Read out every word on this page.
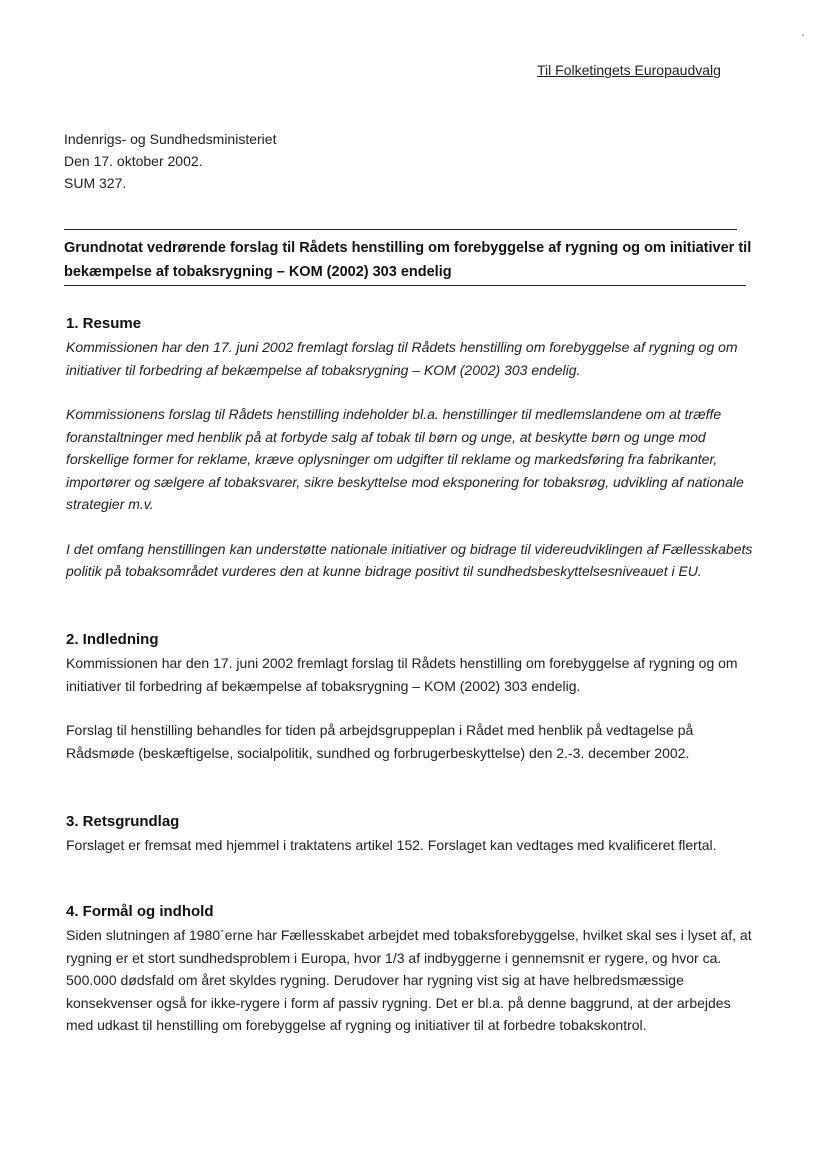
'
Til Folketingets Europaudvalg
Indenrigs- og Sundhedsministeriet
Den 17. oktober 2002.
SUM 327.
Grundnotat vedrørende forslag til Rådets henstilling om forebyggelse af rygning og om initiativer til bekæmpelse af tobaksrygning – KOM (2002) 303 endelig
1. Resume

Kommissionen har den 17. juni 2002 fremlagt forslag til Rådets henstilling om forebyggelse af rygning og om initiativer til forbedring af bekæmpelse af tobaksrygning – KOM (2002) 303 endelig.

Kommissionens forslag til Rådets henstilling indeholder bl.a. henstillinger til medlemslandene om at træffe foranstaltninger med henblik på at forbyde salg af tobak til børn og unge, at beskytte børn og unge mod forskellige former for reklame, kræve oplysninger om udgifter til reklame og markedsføring fra fabrikanter, importører og sælgere af tobaksvarer, sikre beskyttelse mod eksponering for tobaksrøg, udvikling af nationale strategier m.v.

I det omfang henstillingen kan understøtte nationale initiativer og bidrage til videreudviklingen af Fællesskabets politik på tobaksområdet vurderes den at kunne bidrage positivt til sundhedsbeskyttelsesniveauet i EU.

2. Indledning

Kommissionen har den 17. juni 2002 fremlagt forslag til Rådets henstilling om forebyggelse af rygning og om initiativer til forbedring af bekæmpelse af tobaksrygning – KOM (2002) 303 endelig.

Forslag til henstilling behandles for tiden på arbejdsgruppeplan i Rådet med henblik på vedtagelse på Rådsmøde (beskæftigelse, socialpolitik, sundhed og forbrugerbeskyttelse) den 2.-3. december 2002.

3. Retsgrundlag

Forslaget er fremsat med hjemmel i traktatens artikel 152. Forslaget kan vedtages med kvalificeret flertal.

4. Formål og indhold

Siden slutningen af 1980´erne har Fællesskabet arbejdet med tobaksforebyggelse, hvilket skal ses i lyset af, at rygning er et stort sundhedsproblem i Europa, hvor 1/3 af indbyggerne i gennemsnit er rygere, og hvor ca. 500.000 dødsfald om året skyldes rygning. Derudover har rygning vist sig at have helbredsmæssige konsekvenser også for ikke-rygere i form af passiv rygning. Det er bl.a. på denne baggrund, at der arbejdes med udkast til henstilling om forebyggelse af rygning og initiativer til at forbedre tobakskontrol.
